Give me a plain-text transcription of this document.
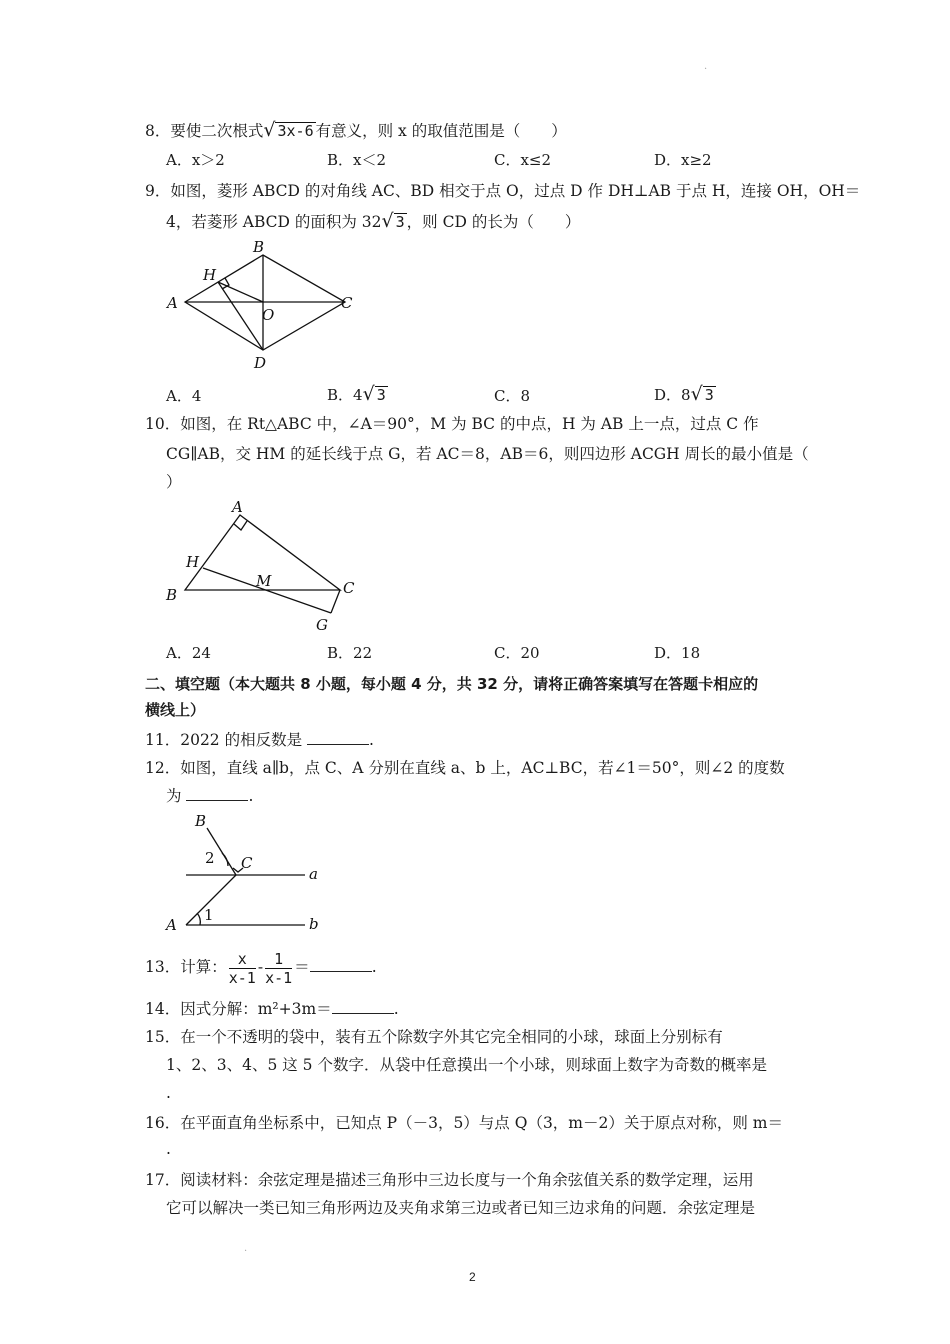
·
8．要使二次根式√ 3x-6 有意义，则 x 的取值范围是（　　）
A．x＞2	B．x＜2	C．x≤2	D．x≥2
9．如图，菱形 ABCD 的对角线 AC、BD 相交于点 O，过点 D 作 DH⊥AB 于点 H，连接 OH，OH＝
4，若菱形 ABCD 的面积为 32√ 3 ，则 CD 的长为（　　）
B
H
A
O
C
D
A．4	B．4√ 3	C．8	D．8√ 3
10．如图，在 Rt△ABC 中，∠A＝90°，M 为 BC 的中点，H 为 AB 上一点，过点 C 作
CG∥AB，交 HM 的延长线于点 G，若 AC＝8，AB＝6，则四边形 ACGH 周长的最小值是（
）
A
H
M	C
B
G
A．24	B．22	C．20	D．18
二、填空题（本大题共 8 小题，每小题 4 分，共 32 分，请将正确答案填写在答题卡相应的
横线上）
11．2022 的相反数是	.
12．如图，直线 a∥b，点 C、A 分别在直线 a、b 上，AC⊥BC，若∠1＝50°，则∠2 的度数
为	.
B
2 C
a
A
1	b
13．计算： $\frac{x}{x-1} - \frac{1}{x-1}$ ＝	.
14．因式分解：m²+3m＝	.
15．在一个不透明的袋中，装有五个除数字外其它完全相同的小球，球面上分别标有
1、2、3、4、5 这 5 个数字．从袋中任意摸出一个小球，则球面上数字为奇数的概率是
.
16．在平面直角坐标系中，已知点 P（－3，5）与点 Q（3，m－2）关于原点对称，则 m＝
.
17．阅读材料：余弦定理是描述三角形中三边长度与一个角余弦值关系的数学定理，运用
它可以解决一类已知三角形两边及夹角求第三边或者已知三边求角的问题．余弦定理是
·
2
